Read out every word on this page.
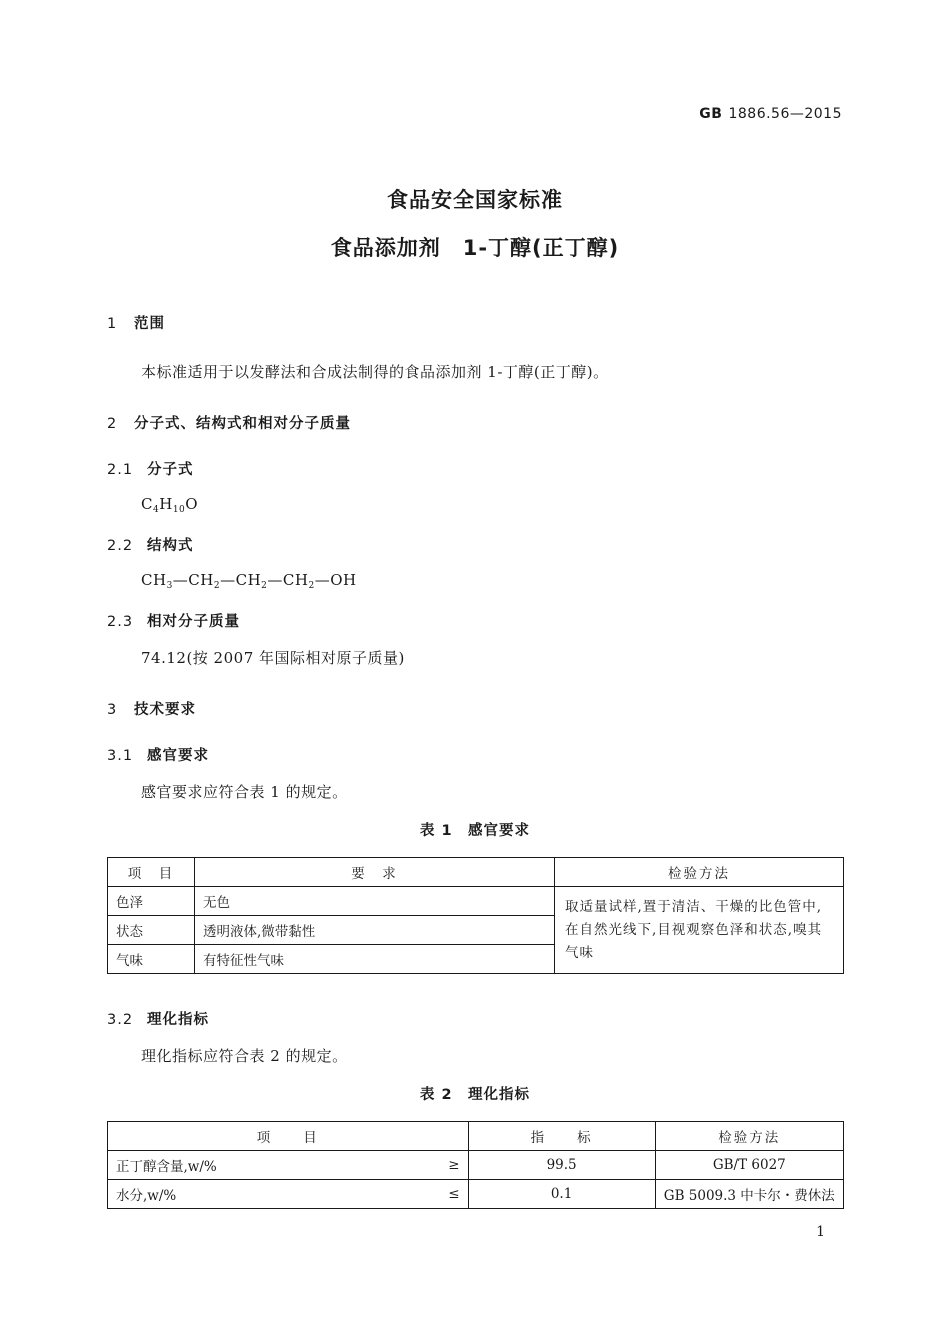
GB 1886.56—2015
食品安全国家标准
食品添加剂　1-丁醇(正丁醇)
1 范围
本标准适用于以发酵法和合成法制得的食品添加剂 1-丁醇(正丁醇)。
2 分子式、结构式和相对分子质量
2.1 分子式
$C_4H_{10}O$
2.2 结构式
$CH_3—CH_2—CH_2—CH_2—OH$
2.3 相对分子质量
74.12(按 2007 年国际相对原子质量)
3 技术要求
3.1 感官要求
感官要求应符合表 1 的规定。
表 1　感官要求
项　目	要　求	检验方法
色泽	无色	取适量试样,置于清洁、干燥的比色管中,在自然光线下,目视观察色泽和状态,嗅其气味
状态	透明液体,微带黏性	
气味	有特征性气味	
3.2 理化指标
理化指标应符合表 2 的规定。
表 2　理化指标
项　　目		指　　标	检验方法
正丁醇含量,w/%	≥	99.5	GB/T 6027
水分,w/%	≤	0.1	GB 5009.3 中卡尔・费休法
1
